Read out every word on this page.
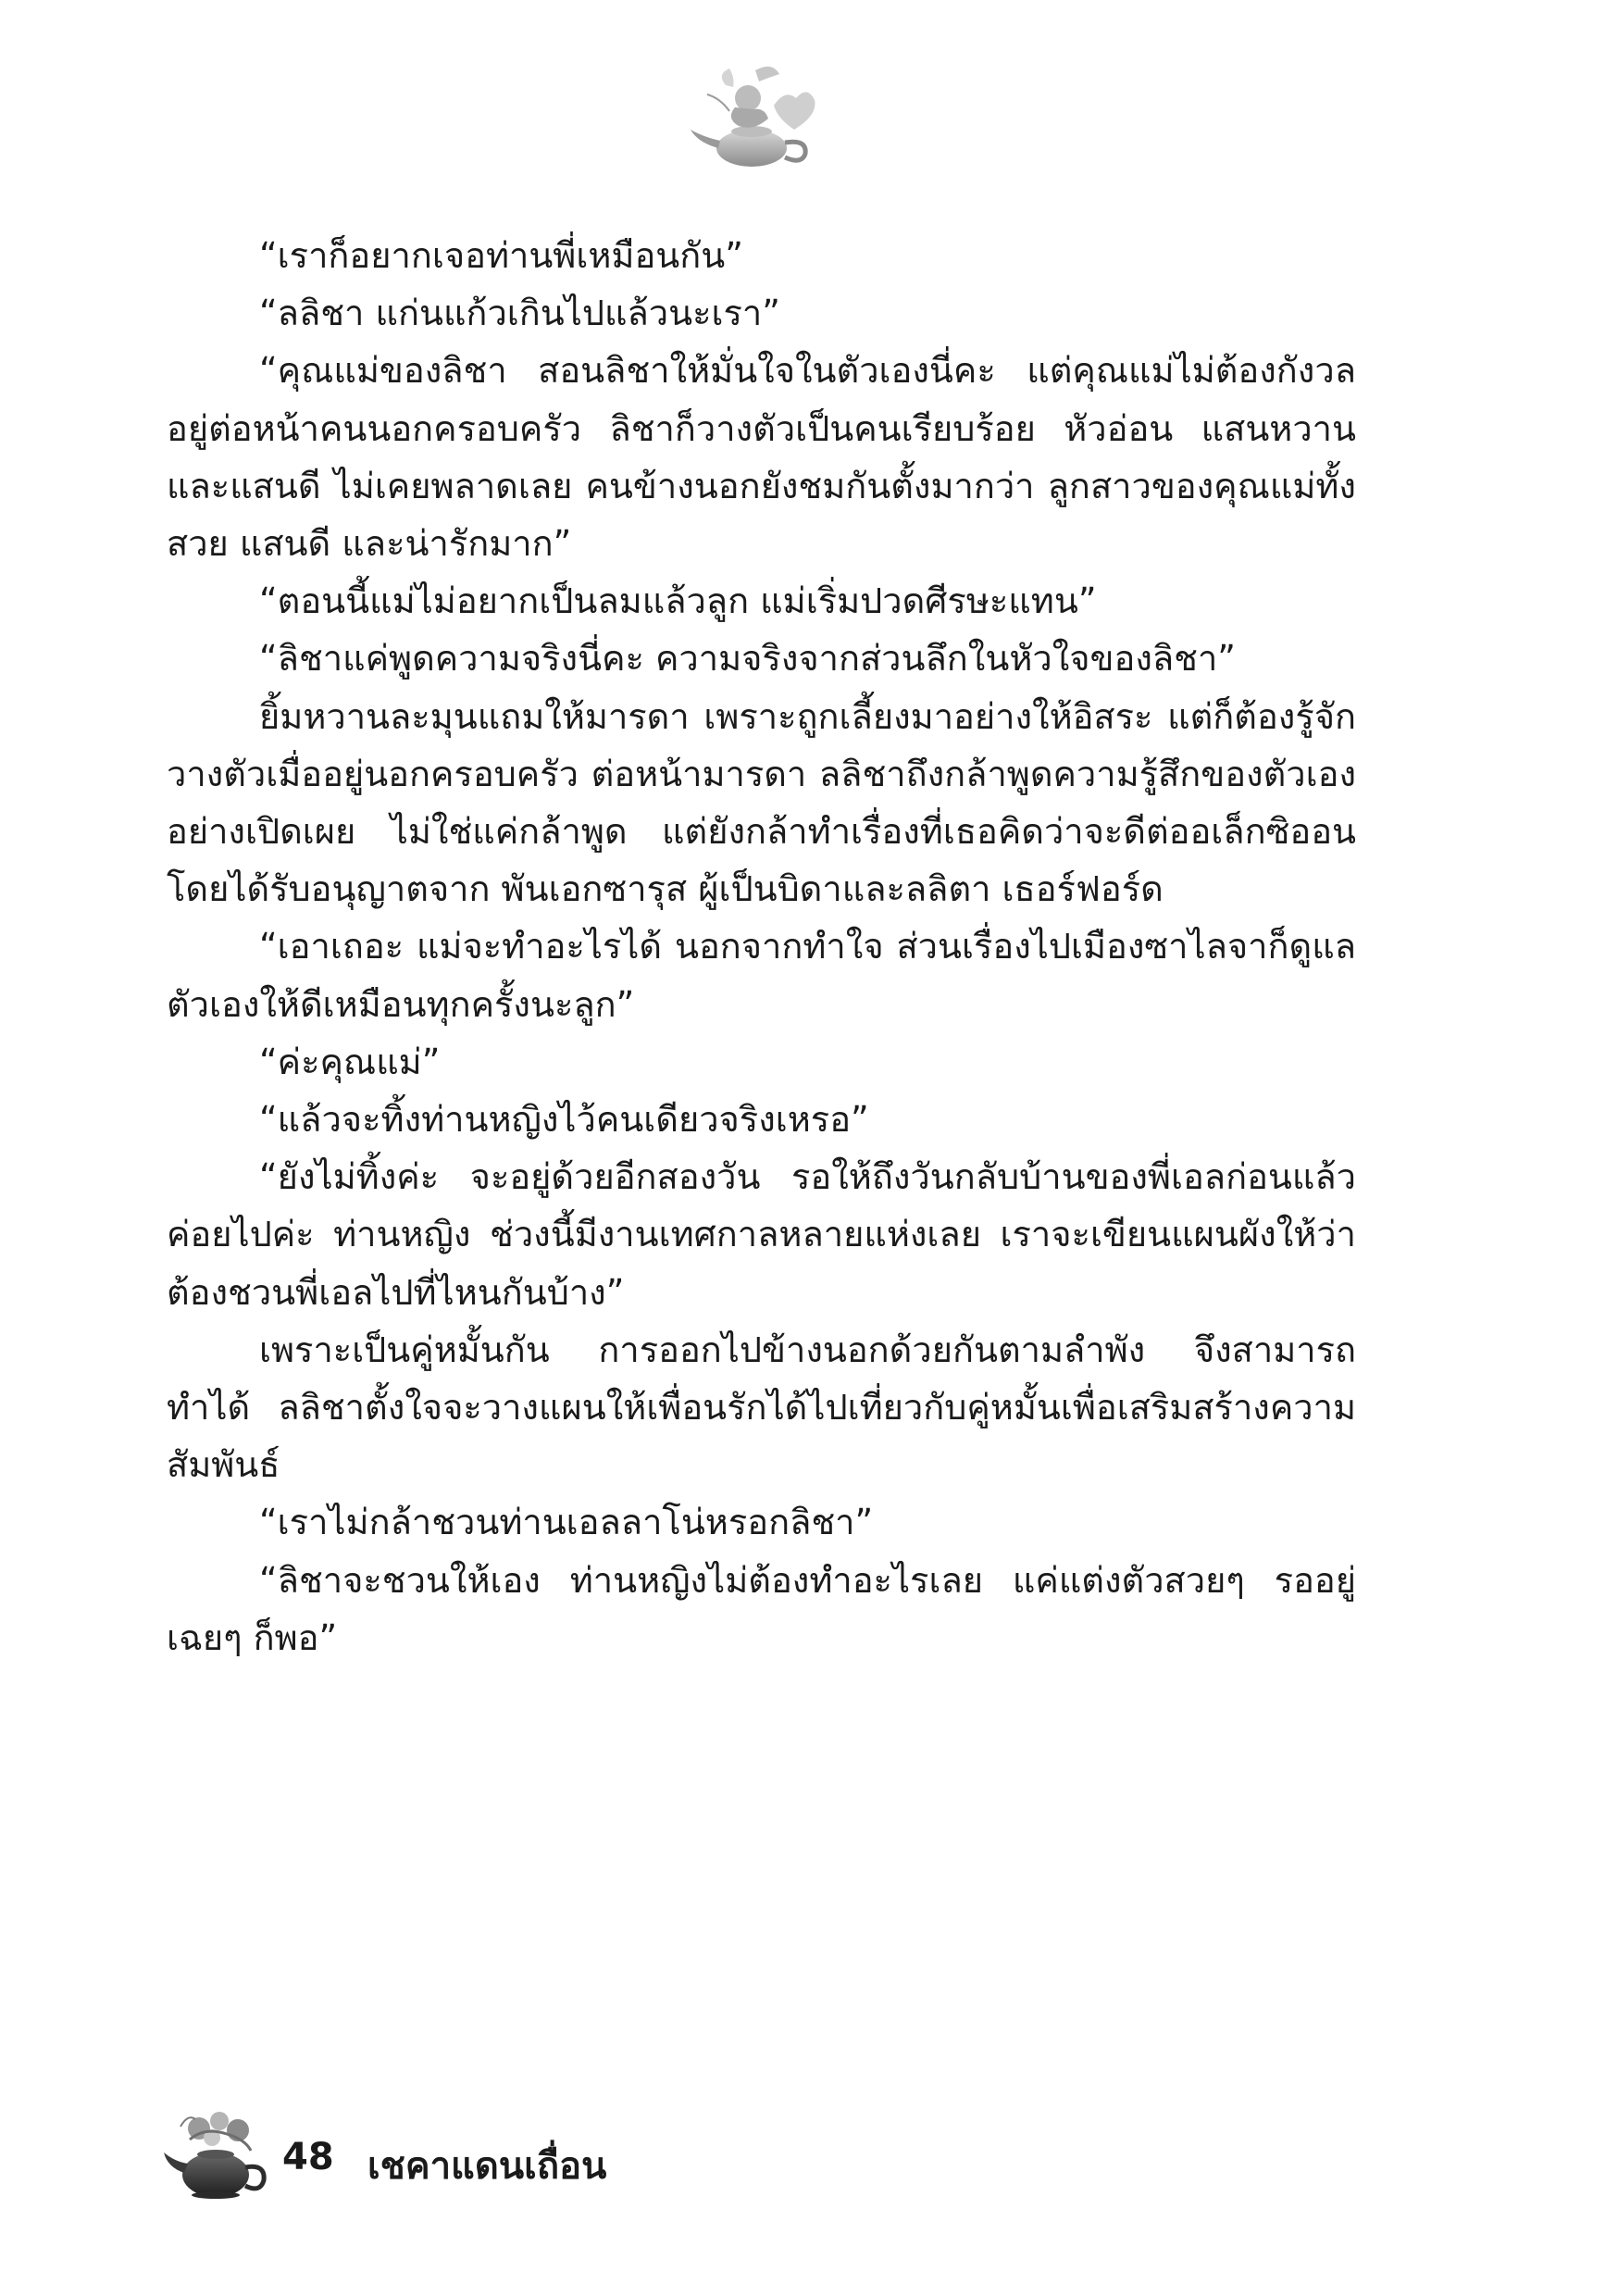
“เราก็อยากเจอท่านพี่เหมือนกัน”

“ลลิชา แก่นแก้วเกินไปแล้วนะเรา”

“คุณแม่ของลิชา สอนลิชาให้มั่นใจในตัวเองนี่คะ แต่คุณแม่ไม่ต้องกังวล อยู่ต่อหน้าคนนอกครอบครัว ลิชาก็วางตัวเป็นคนเรียบร้อย หัวอ่อน แสนหวานและแสนดี ไม่เคยพลาดเลย คนข้างนอกยังชมกันตั้งมากว่า ลูกสาวของคุณแม่ทั้งสวย แสนดี และน่ารักมาก”

“ตอนนี้แม่ไม่อยากเป็นลมแล้วลูก แม่เริ่มปวดศีรษะแทน”

“ลิชาแค่พูดความจริงนี่คะ ความจริงจากส่วนลึกในหัวใจของลิชา”

ยิ้มหวานละมุนแถมให้มารดา เพราะถูกเลี้ยงมาอย่างให้อิสระ แต่ก็ต้องรู้จักวางตัวเมื่ออยู่นอกครอบครัว ต่อหน้ามารดา ลลิชาถึงกล้าพูดความรู้สึกของตัวเองอย่างเปิดเผย ไม่ใช่แค่กล้าพูด แต่ยังกล้าทำเรื่องที่เธอคิดว่าจะดีต่ออเล็กซิออน โดยได้รับอนุญาตจาก พันเอกซารุส ผู้เป็นบิดาและลลิตา เธอร์ฟอร์ด

“เอาเถอะ แม่จะทำอะไรได้ นอกจากทำใจ ส่วนเรื่องไปเมืองซาไลจาก็ดูแลตัวเองให้ดีเหมือนทุกครั้งนะลูก”

“ค่ะคุณแม่”

“แล้วจะทิ้งท่านหญิงไว้คนเดียวจริงเหรอ”

“ยังไม่ทิ้งค่ะ จะอยู่ด้วยอีกสองวัน รอให้ถึงวันกลับบ้านของพี่เอลก่อนแล้วค่อยไปค่ะ ท่านหญิง ช่วงนี้มีงานเทศกาลหลายแห่งเลย เราจะเขียนแผนผังให้ว่าต้องชวนพี่เอลไปที่ไหนกันบ้าง”

เพราะเป็นคู่หมั้นกัน การออกไปข้างนอกด้วยกันตามลำพัง จึงสามารถทำได้ ลลิชาตั้งใจจะวางแผนให้เพื่อนรักได้ไปเที่ยวกับคู่หมั้นเพื่อเสริมสร้างความสัมพันธ์

“เราไม่กล้าชวนท่านเอลลาโน่หรอกลิชา”

“ลิชาจะชวนให้เอง ท่านหญิงไม่ต้องทำอะไรเลย แค่แต่งตัวสวยๆ รออยู่เฉยๆ ก็พอ”

48 เชคาแดนเถื่อน
